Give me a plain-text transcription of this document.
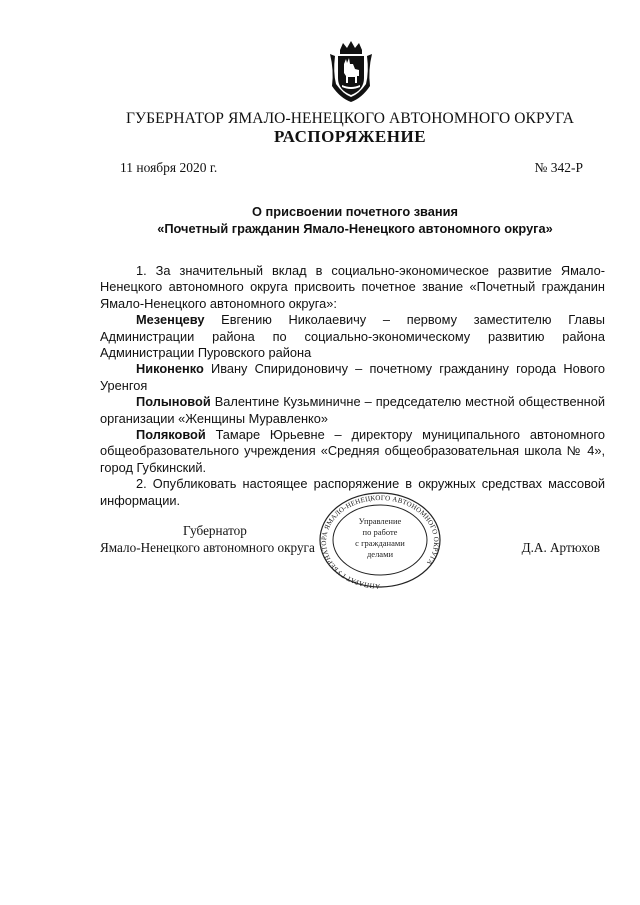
ГУБЕРНАТОР ЯМАЛО-НЕНЕЦКОГО АВТОНОМНОГО ОКРУГА
РАСПОРЯЖЕНИЕ
11 ноября 2020 г.	№ 342-Р
О присвоении почетного звания
«Почетный гражданин Ямало-Ненецкого автономного округа»

1. За значительный вклад в социально-экономическое развитие Ямало-Ненецкого автономного округа присвоить почетное звание «Почетный гражданин Ямало-Ненецкого автономного округа»:

Мезенцеву Евгению Николаевичу – первому заместителю Главы Администрации района по социально-экономическому развитию района Администрации Пуровского района

Никоненко Ивану Спиридоновичу – почетному гражданину города Нового Уренгоя

Полыновой Валентине Кузьминичне – председателю местной общественной организации «Женщины Муравленко»

Поляковой Тамаре Юрьевне – директору муниципального автономного общеобразовательного учреждения «Средняя общеобразовательная школа № 4», город Губкинский.

2. Опубликовать настоящее распоряжение в окружных средствах массовой информации.

Губернатор
Ямало-Ненецкого автономного округа	Д.А. Артюхов
АППАРАТ ГУБЕРНАТОРА ЯМАЛО-НЕНЕЦКОГО АВТОНОМНОГО ОКРУГА
Управление
по работе
с гражданами
делами
